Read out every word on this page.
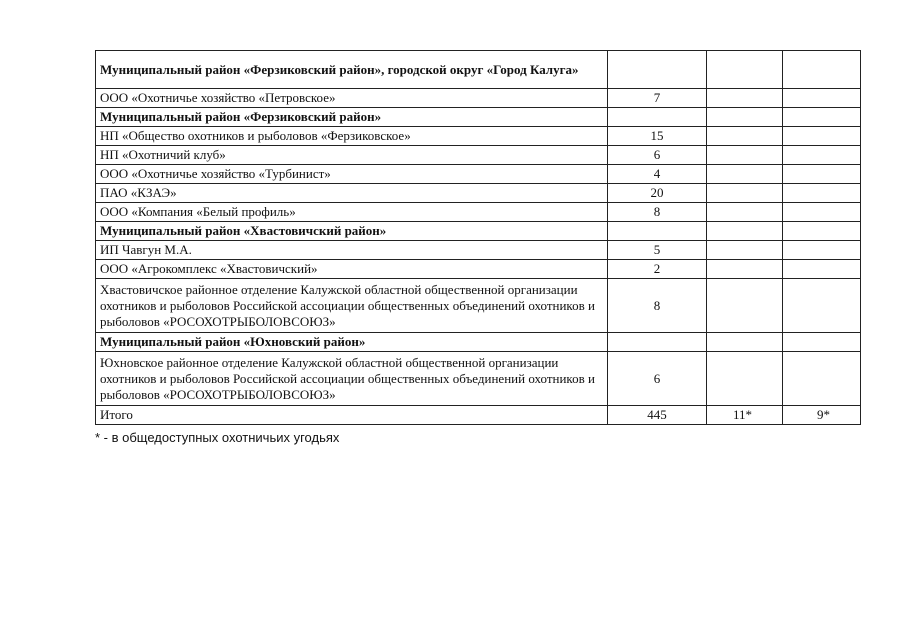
Муниципальный район «Ферзиковский район», городской округ «Город Калуга»			
ООО «Охотничье хозяйство «Петровское»	7		
Муниципальный район «Ферзиковский район»			
НП «Общество охотников и рыболовов «Ферзиковское»	15		
НП «Охотничий клуб»	6		
ООО «Охотничье хозяйство «Турбинист»	4		
ПАО «КЗАЭ»	20		
ООО «Компания «Белый профиль»	8		
Муниципальный район «Хвастовичский район»			
ИП Чавгун М.А.	5		
ООО «Агрокомплекс «Хвастовичский»	2		
Хвастовичское районное отделение Калужской областной общественной организации охотников и рыболовов Российской ассоциации общественных объединений охотников и рыболовов «РОСОХОТРЫБОЛОВСОЮЗ»	8		
Муниципальный район «Юхновский район»			
Юхновское районное отделение Калужской областной общественной организации охотников и рыболовов Российской ассоциации общественных объединений охотников и рыболовов «РОСОХОТРЫБОЛОВСОЮЗ»	6		
Итого	445	11*	9*
* - в общедоступных охотничьих угодьях
